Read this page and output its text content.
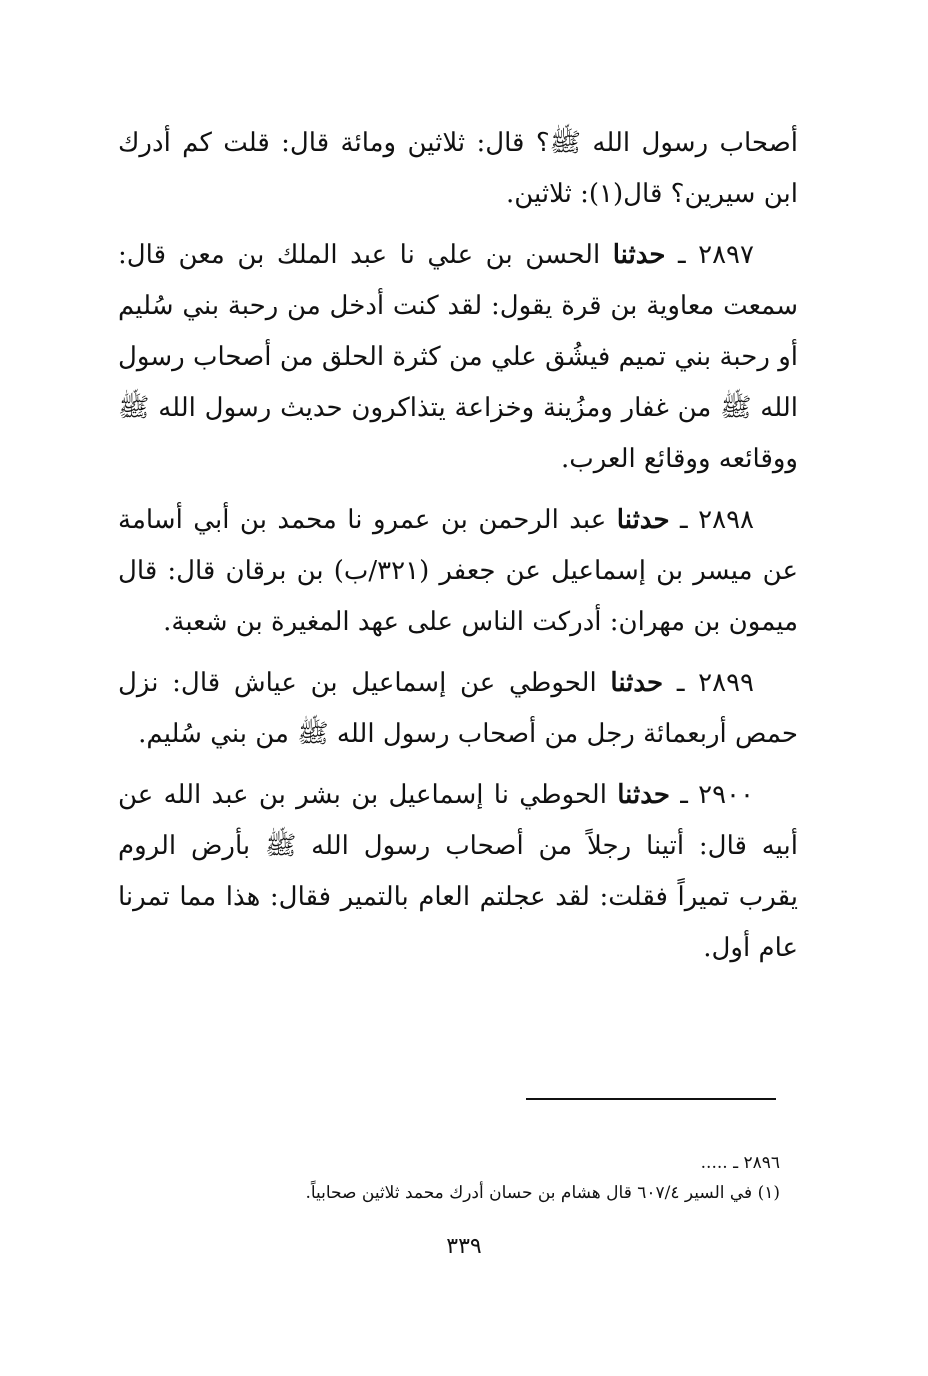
أصحاب رسول الله ﷺ؟ قال: ثلاثين ومائة قال: قلت كم أدرك ابن سيرين؟ قال(١): ثلاثين.

٢٨٩٧ ـ حدثنا الحسن بن علي نا عبد الملك بن معن قال: سمعت معاوية بن قرة يقول: لقد كنت أدخل من رحبة بني سُليم أو رحبة بني تميم فيشُق علي من كثرة الحلق من أصحاب رسول الله ﷺ من غفار ومزُينة وخزاعة يتذاكرون حديث رسول الله ﷺ ووقائعه ووقائع العرب.

٢٨٩٨ ـ حدثنا عبد الرحمن بن عمرو نا محمد بن أبي أسامة عن ميسر بن إسماعيل عن جعفر (٣٢١/ب) بن برقان قال: قال ميمون بن مهران: أدركت الناس على عهد المغيرة بن شعبة.

٢٨٩٩ ـ حدثنا الحوطي عن إسماعيل بن عياش قال: نزل حمص أربعمائة رجل من أصحاب رسول الله ﷺ من بني سُليم.

٢٩٠٠ ـ حدثنا الحوطي نا إسماعيل بن بشر بن عبد الله عن أبيه قال: أتينا رجلاً من أصحاب رسول الله ﷺ بأرض الروم يقرب تميراً فقلت: لقد عجلتم العام بالتمير فقال: هذا مما تمرنا عام أول.

٢٨٩٦ ـ .....
(١) في السير ٦٠٧/٤ قال هشام بن حسان أدرك محمد ثلاثين صحابياً.
٣٣٩
